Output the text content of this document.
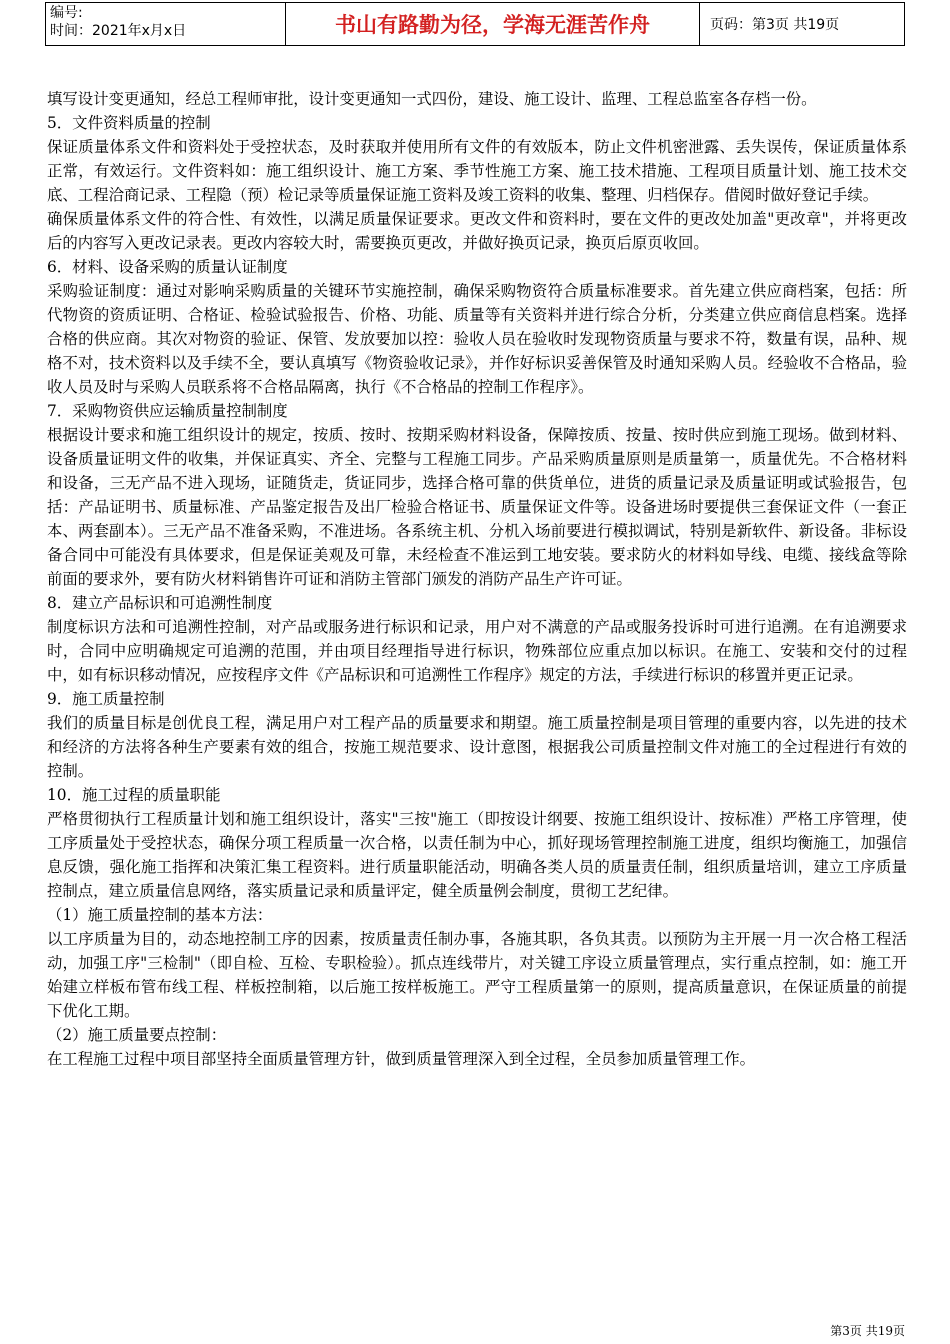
编号:
时间：2021年x月x日	书山有路勤为径，学海无涯苦作舟	页码：第3页 共19页

填写设计变更通知，经总工程师审批，设计变更通知一式四份，建设、施工设计、监理、工程总监室各存档一份。

5．文件资料质量的控制

保证质量体系文件和资料处于受控状态，及时获取并使用所有文件的有效版本，防止文件机密泄露、丢失误传，保证质量体系正常，有效运行。文件资料如：施工组织设计、施工方案、季节性施工方案、施工技术措施、工程项目质量计划、施工技术交底、工程洽商记录、工程隐（预）检记录等质量保证施工资料及竣工资料的收集、整理、归档保存。借阅时做好登记手续。

确保质量体系文件的符合性、有效性，以满足质量保证要求。更改文件和资料时，要在文件的更改处加盖"更改章"，并将更改后的内容写入更改记录表。更改内容较大时，需要换页更改，并做好换页记录，换页后原页收回。

6．材料、设备采购的质量认证制度

采购验证制度：通过对影响采购质量的关键环节实施控制，确保采购物资符合质量标准要求。首先建立供应商档案，包括：所代物资的资质证明、合格证、检验试验报告、价格、功能、质量等有关资料并进行综合分析，分类建立供应商信息档案。选择合格的供应商。其次对物资的验证、保管、发放要加以控：验收人员在验收时发现物资质量与要求不符，数量有误，品种、规格不对，技术资料以及手续不全，要认真填写《物资验收记录》，并作好标识妥善保管及时通知采购人员。经验收不合格品，验收人员及时与采购人员联系将不合格品隔离，执行《不合格品的控制工作程序》。

7．采购物资供应运输质量控制制度

根据设计要求和施工组织设计的规定，按质、按时、按期采购材料设备，保障按质、按量、按时供应到施工现场。做到材料、设备质量证明文件的收集，并保证真实、齐全、完整与工程施工同步。产品采购质量原则是质量第一，质量优先。不合格材料和设备，三无产品不进入现场，证随货走，货证同步，选择合格可靠的供货单位，进货的质量记录及质量证明或试验报告，包括：产品证明书、质量标准、产品鉴定报告及出厂检验合格证书、质量保证文件等。设备进场时要提供三套保证文件（一套正本、两套副本）。三无产品不准备采购，不准进场。各系统主机、分机入场前要进行模拟调试，特别是新软件、新设备。非标设备合同中可能没有具体要求，但是保证美观及可靠，未经检查不准运到工地安装。要求防火的材料如导线、电缆、接线盒等除前面的要求外，要有防火材料销售许可证和消防主管部门颁发的消防产品生产许可证。

8．建立产品标识和可追溯性制度

制度标识方法和可追溯性控制，对产品或服务进行标识和记录，用户对不满意的产品或服务投诉时可进行追溯。在有追溯要求时，合同中应明确规定可追溯的范围，并由项目经理指导进行标识，物殊部位应重点加以标识。在施工、安装和交付的过程中，如有标识移动情况，应按程序文件《产品标识和可追溯性工作程序》规定的方法，手续进行标识的移置并更正记录。

9．施工质量控制

我们的质量目标是创优良工程，满足用户对工程产品的质量要求和期望。施工质量控制是项目管理的重要内容，以先进的技术和经济的方法将各种生产要素有效的组合，按施工规范要求、设计意图，根据我公司质量控制文件对施工的全过程进行有效的控制。

10．施工过程的质量职能

严格贯彻执行工程质量计划和施工组织设计，落实"三按"施工（即按设计纲要、按施工组织设计、按标准）严格工序管理，使工序质量处于受控状态，确保分项工程质量一次合格，以责任制为中心，抓好现场管理控制施工进度，组织均衡施工，加强信息反馈，强化施工指挥和决策汇集工程资料。进行质量职能活动，明确各类人员的质量责任制，组织质量培训，建立工序质量控制点，建立质量信息网络，落实质量记录和质量评定，健全质量例会制度，贯彻工艺纪律。

（1）施工质量控制的基本方法：

以工序质量为目的，动态地控制工序的因素，按质量责任制办事，各施其职，各负其责。以预防为主开展一月一次合格工程活动，加强工序"三检制"（即自检、互检、专职检验）。抓点连线带片，对关键工序设立质量管理点，实行重点控制，如：施工开始建立样板布管布线工程、样板控制箱，以后施工按样板施工。严守工程质量第一的原则，提高质量意识，在保证质量的前提下优化工期。

（2）施工质量要点控制：

在工程施工过程中项目部坚持全面质量管理方针，做到质量管理深入到全过程，全员参加质量管理工作。

第3页 共19页
